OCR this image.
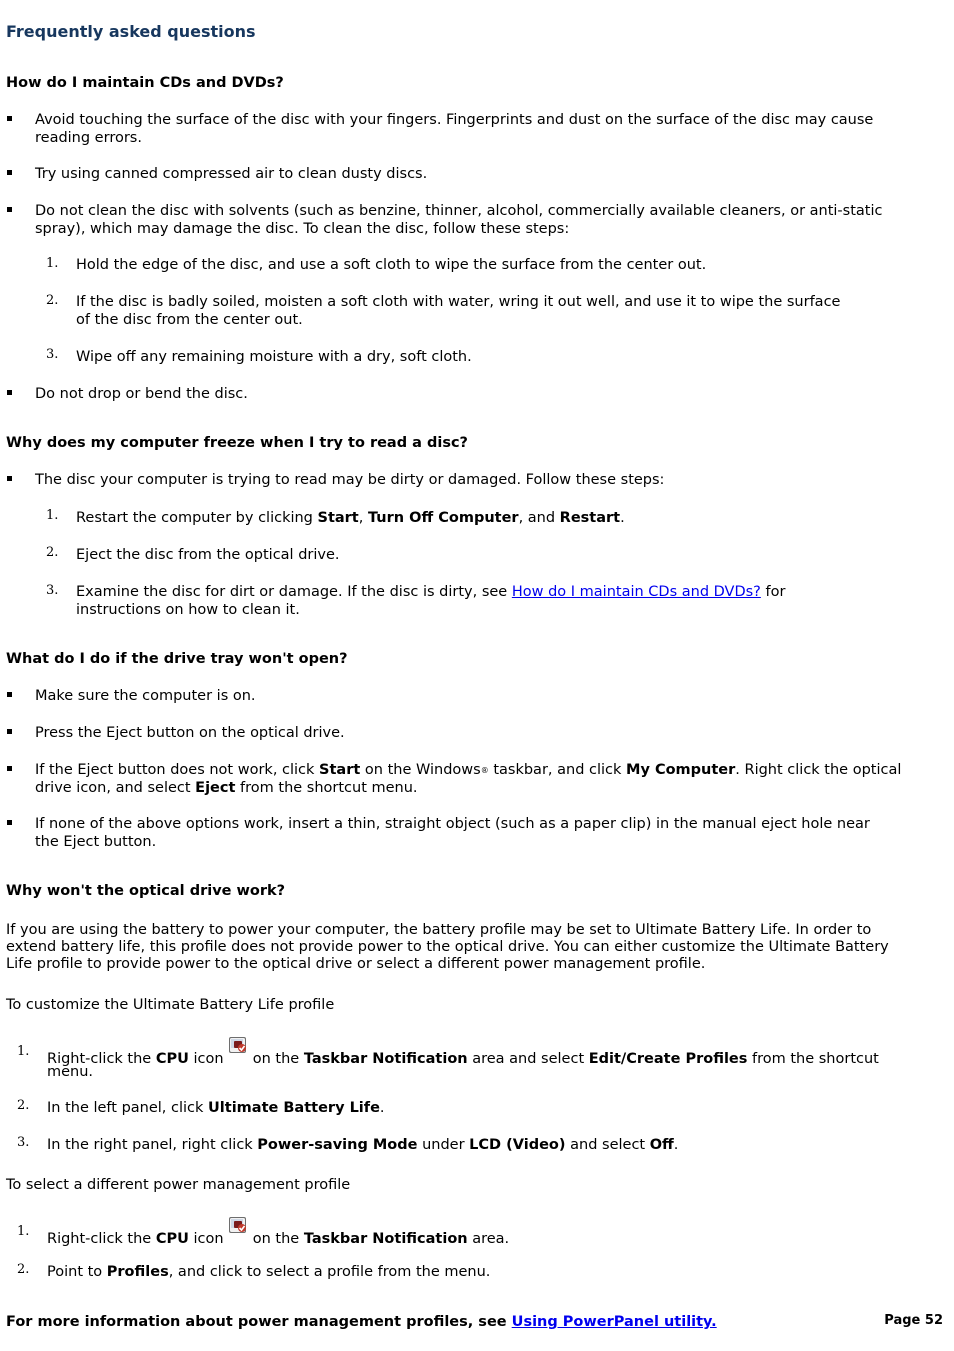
Frequently asked questions
How do I maintain CDs and DVDs?
Avoid touching the surface of the disc with your fingers. Fingerprints and dust on the surface of the disc may cause
reading errors.
Try using canned compressed air to clean dusty discs.
Do not clean the disc with solvents (such as benzine, thinner, alcohol, commercially available cleaners, or anti-static
spray), which may damage the disc. To clean the disc, follow these steps:
1. Hold the edge of the disc, and use a soft cloth to wipe the surface from the center out.
2. If the disc is badly soiled, moisten a soft cloth with water, wring it out well, and use it to wipe the surface
of the disc from the center out.
3. Wipe off any remaining moisture with a dry, soft cloth.
Do not drop or bend the disc.
Why does my computer freeze when I try to read a disc?
The disc your computer is trying to read may be dirty or damaged. Follow these steps:
1. Restart the computer by clicking Start, Turn Off Computer, and Restart.
2. Eject the disc from the optical drive.
3. Examine the disc for dirt or damage. If the disc is dirty, see How do I maintain CDs and DVDs? for
instructions on how to clean it.
What do I do if the drive tray won't open?
Make sure the computer is on.
Press the Eject button on the optical drive.
If the Eject button does not work, click Start on the Windows® taskbar, and click My Computer. Right click the optical
drive icon, and select Eject from the shortcut menu.
If none of the above options work, insert a thin, straight object (such as a paper clip) in the manual eject hole near
the Eject button.
Why won't the optical drive work?
If you are using the battery to power your computer, the battery profile may be set to Ultimate Battery Life. In order to
extend battery life, this profile does not provide power to the optical drive. You can either customize the Ultimate Battery
Life profile to provide power to the optical drive or select a different power management profile.
To customize the Ultimate Battery Life profile
1. Right-click the CPU icon  on the Taskbar Notification area and select Edit/Create Profiles from the shortcut
menu.
2. In the left panel, click Ultimate Battery Life.
3. In the right panel, right click Power-saving Mode under LCD (Video) and select Off.
To select a different power management profile
1. Right-click the CPU icon  on the Taskbar Notification area.
2. Point to Profiles, and click to select a profile from the menu.
For more information about power management profiles, see Using PowerPanel utility.	Page 52
